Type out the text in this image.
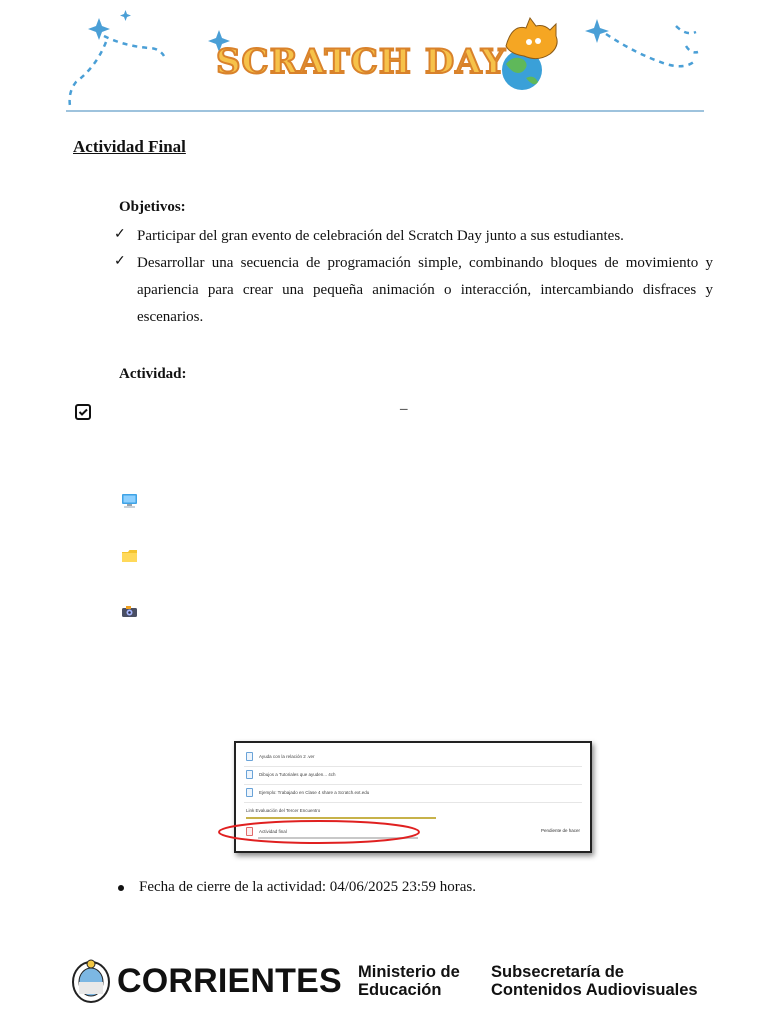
SCRATCH DAY
Actividad Final
Objetivos:
✓ Participar del gran evento de celebración del Scratch Day junto a sus estudiantes.
✓ Desarrollar una secuencia de programación simple, combinando bloques de movimiento y apariencia para crear una pequeña animación o interacción, intercambiando disfraces y escenarios.
Actividad:
–
Ayuda con la relación 2 .ver
Dibujos a Tutoriales que ayuden... 4ch
Ejemplo: Trabajado en Clase 4 share a Scratch.ext.edu
Link Evaluación del Tercer Encuentro
Actividad final	Pendiente de hacer
Fecha de cierre de la actividad: 04/06/2025 23:59 horas.
CORRIENTES Ministerio de
Educación
Subsecretaría de
Contenidos Audiovisuales
